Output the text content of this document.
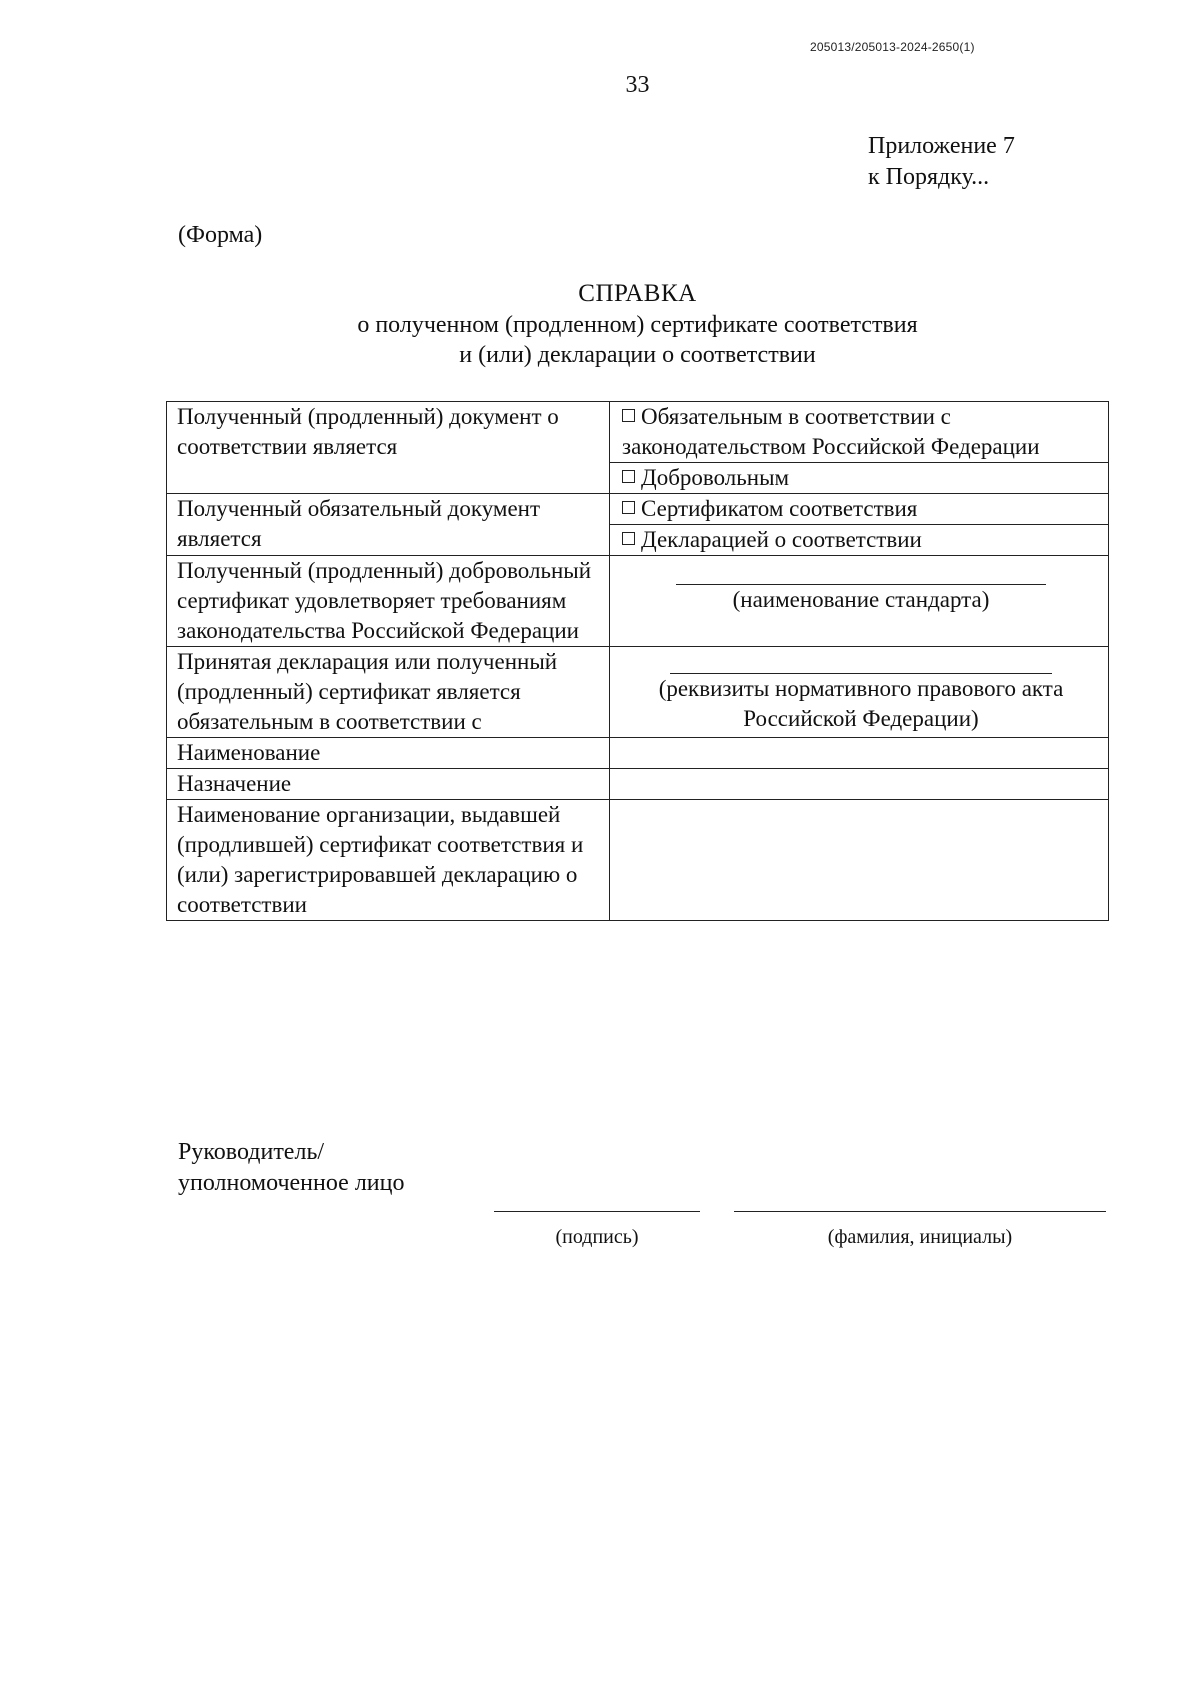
205013/205013-2024-2650(1)
33
Приложение 7
к Порядку...
(Форма)
СПРАВКА
о полученном (продленном) сертификате соответствия
и (или) декларации о соответствии
Полученный (продленный) документ о соответствии является	Обязательным в соответствии с законодательством Российской Федерации
	Добровольным
Полученный обязательный документ является	Сертификатом соответствия
	Декларацией о соответствии
Полученный (продленный) добровольный сертификат удовлетворяет требованиям законодательства Российской Федерации	(наименование стандарта)

Принятая декларация или полученный (продленный) сертификат является обязательным в соответствии с	(реквизиты нормативного правового акта Российской Федерации)

Наименование	
Назначение	
Наименование организации, выдавшей (продлившей) сертификат соответствия и (или) зарегистрировавшей декларацию о соответствии	
Руководитель/
уполномоченное лицо
(подпись)	(фамилия, инициалы)
